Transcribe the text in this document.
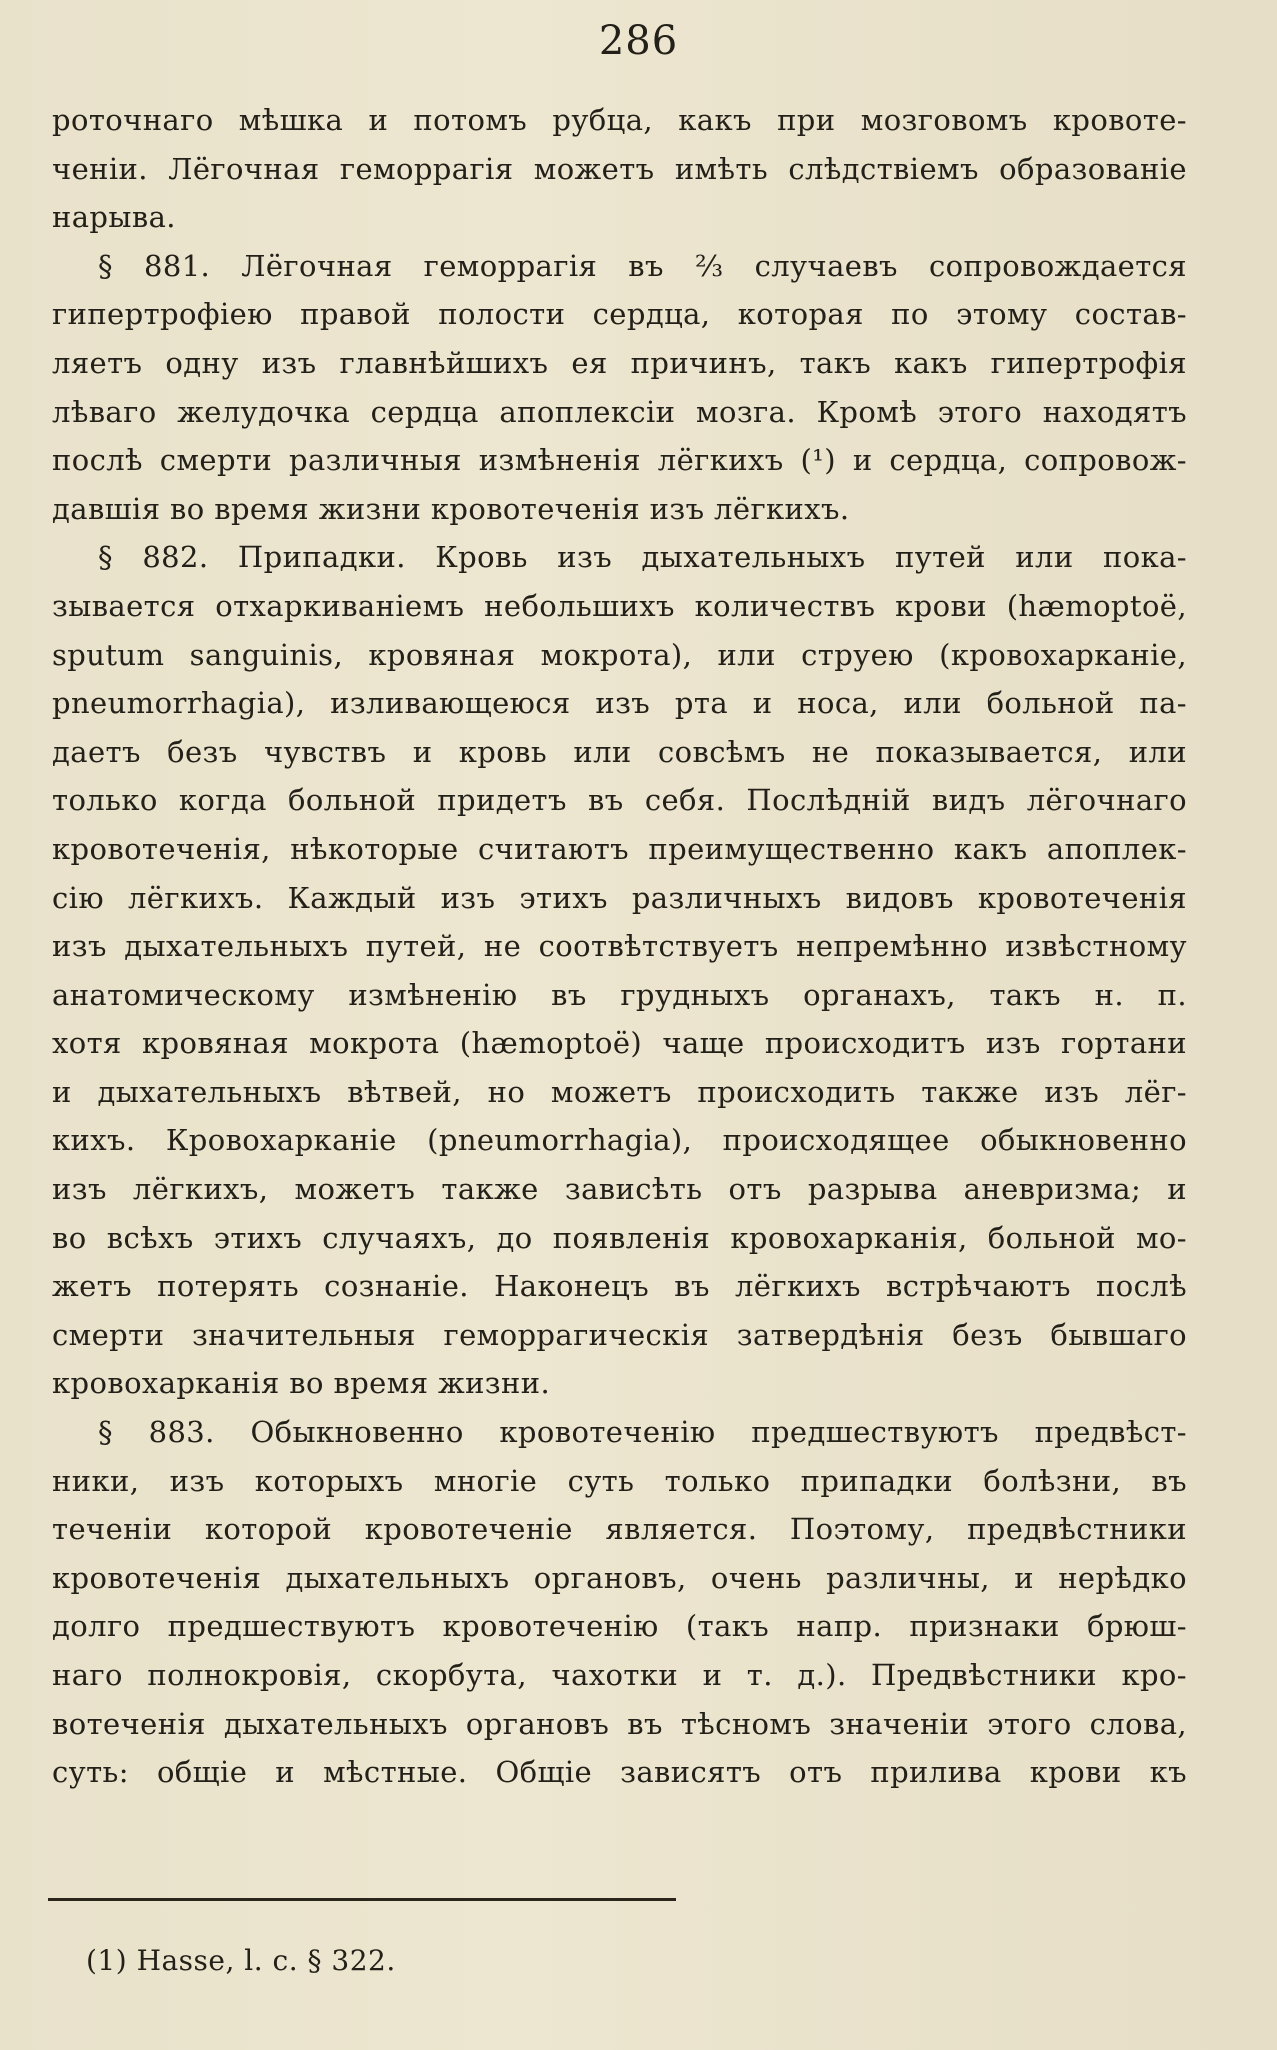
286
роточнаго мѣшка и потомъ рубца, какъ при мозговомъ кровоте-
ченіи. Лёгочная геморрагія можетъ имѣть слѣдствіемъ образованіе
нарыва.
§ 881. Лёгочная геморрагія въ ⅔ случаевъ сопровождается
гипертрофіею правой полости сердца, которая по этому состав-
ляетъ одну изъ главнѣйшихъ ея причинъ, такъ какъ гипертрофія
лѣваго желудочка сердца апоплексіи мозга. Кромѣ этого находятъ
послѣ смерти различныя измѣненія лёгкихъ (¹) и сердца, сопровож-
давшія во время жизни кровотеченія изъ лёгкихъ.
§ 882. Припадки. Кровь изъ дыхательныхъ путей или пока-
зывается отхаркиваніемъ небольшихъ количествъ крови (hæmoptoë,
sputum sanguinis, кровяная мокрота), или струею (кровохарканіе,
pneumorrhagia), изливающеюся изъ рта и носа, или больной па-
даетъ безъ чувствъ и кровь или совсѣмъ не показывается, или
только когда больной придетъ въ себя. Послѣдній видъ лёгочнаго
кровотеченія, нѣкоторые считаютъ преимущественно какъ апоплек-
сію лёгкихъ. Каждый изъ этихъ различныхъ видовъ кровотеченія
изъ дыхательныхъ путей, не соотвѣтствуетъ непремѣнно извѣстному
анатомическому измѣненію въ грудныхъ органахъ, такъ н. п.
хотя кровяная мокрота (hæmoptoë) чаще происходитъ изъ гортани
и дыхательныхъ вѣтвей, но можетъ происходить также изъ лёг-
кихъ. Кровохарканіе (pneumorrhagia), происходящее обыкновенно
изъ лёгкихъ, можетъ также зависѣть отъ разрыва аневризма; и
во всѣхъ этихъ случаяхъ, до появленія кровохарканія, больной мо-
жетъ потерять сознаніе. Наконецъ въ лёгкихъ встрѣчаютъ послѣ
смерти значительныя геморрагическія затвердѣнія безъ бывшаго
кровохарканія во время жизни.
§ 883. Обыкновенно кровотеченію предшествуютъ предвѣст-
ники, изъ которыхъ многіе суть только припадки болѣзни, въ
теченіи которой кровотеченіе является. Поэтому, предвѣстники
кровотеченія дыхательныхъ органовъ, очень различны, и нерѣдко
долго предшествуютъ кровотеченію (такъ напр. признаки брюш-
наго полнокровія, скорбута, чахотки и т. д.). Предвѣстники кро-
вотеченія дыхательныхъ органовъ въ тѣсномъ значеніи этого слова,
суть: общіе и мѣстные. Общіе зависятъ отъ прилива крови къ
(1) Hasse, l. c. § 322.
